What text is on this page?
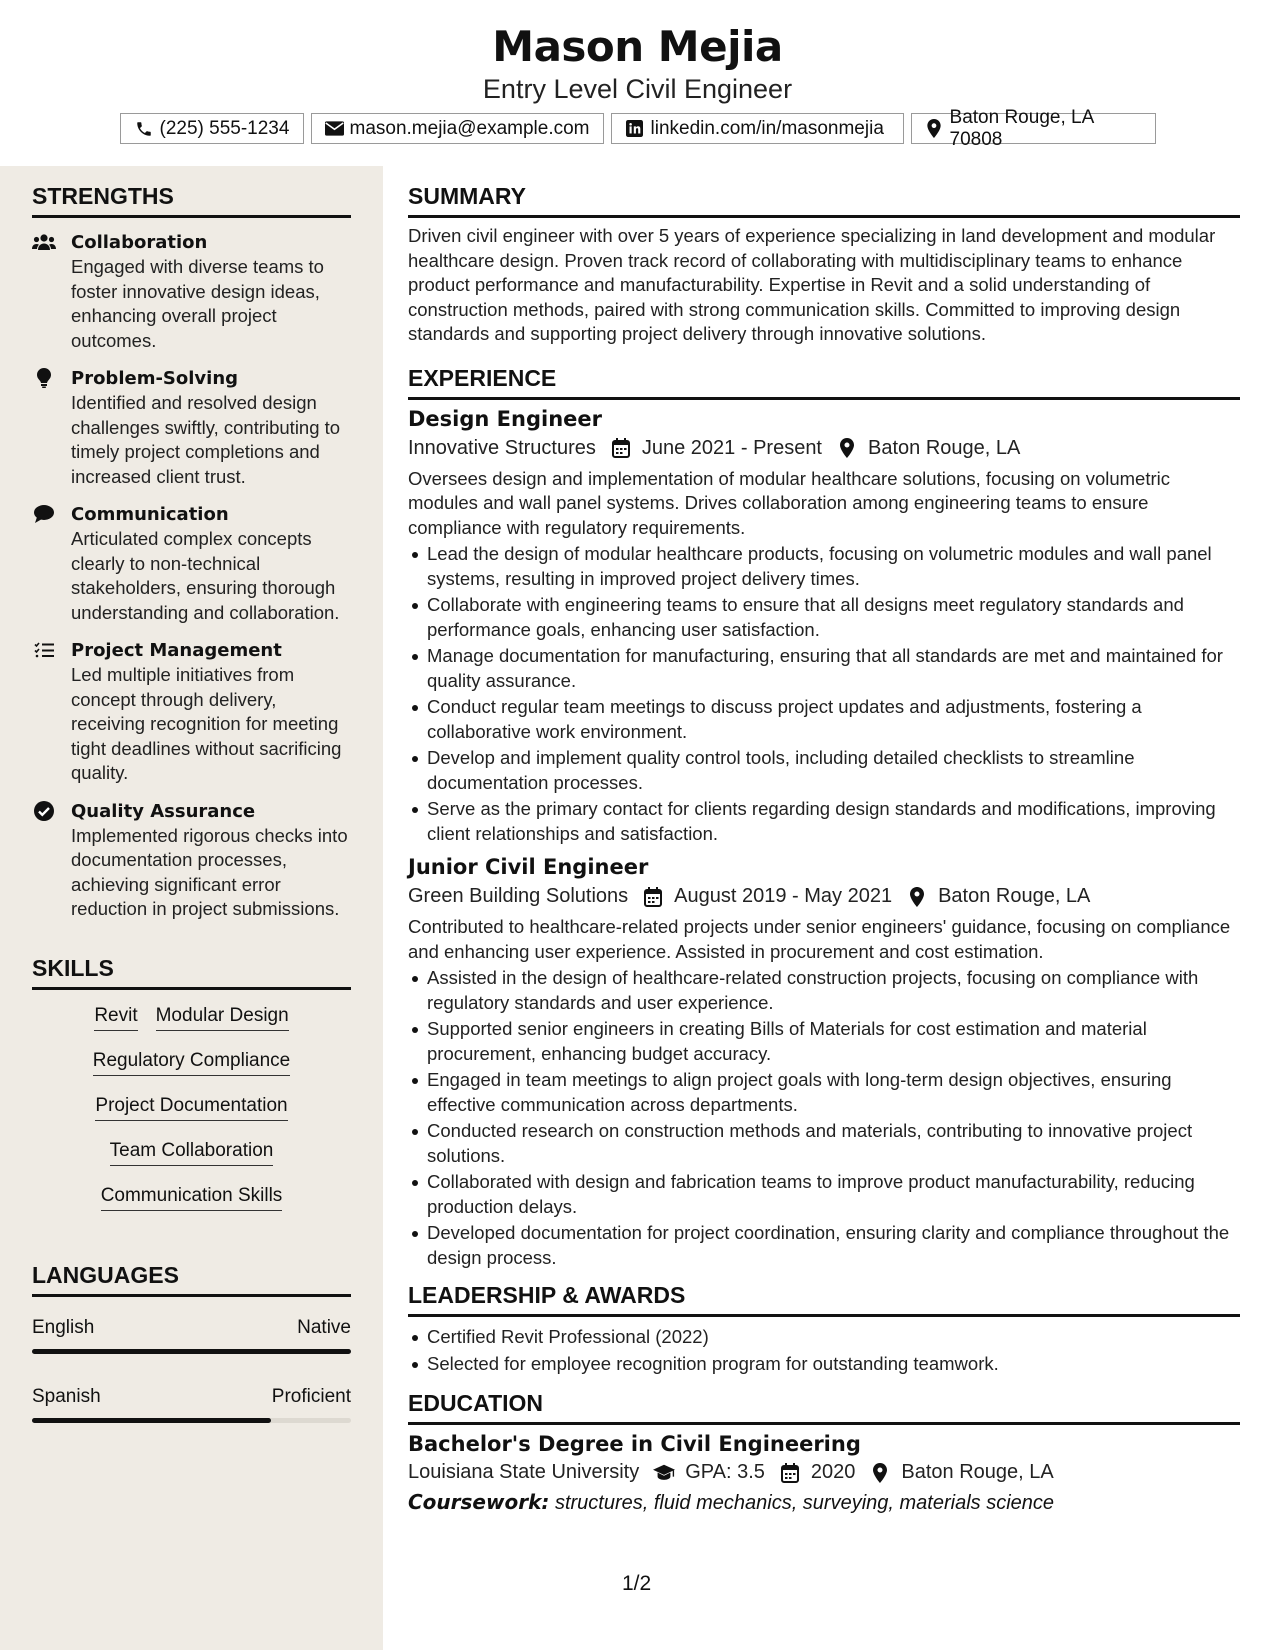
Mason Mejia
Entry Level Civil Engineer
(225) 555-1234	mason.mejia@example.com	linkedin.com/in/masonmejia
Baton Rouge, LA 70808
STRENGTHS
Collaboration
Engaged with diverse teams to foster innovative design ideas, enhancing overall project outcomes.
Problem-Solving
Identified and resolved design challenges swiftly, contributing to timely project completions and increased client trust.
Communication
Articulated complex concepts clearly to non-technical stakeholders, ensuring thorough understanding and collaboration.
Project Management
Led multiple initiatives from concept through delivery, receiving recognition for meeting tight deadlines without sacrificing quality.
Quality Assurance
Implemented rigorous checks into documentation processes, achieving significant error reduction in project submissions.
SKILLS
Revit Modular Design
Regulatory Compliance
Project Documentation
Team Collaboration
Communication Skills
LANGUAGES
English	Native
Spanish	Proficient
SUMMARY
Driven civil engineer with over 5 years of experience specializing in land development and modular healthcare design. Proven track record of collaborating with multidisciplinary teams to enhance product performance and manufacturability. Expertise in Revit and a solid understanding of construction methods, paired with strong communication skills. Committed to improving design standards and supporting project delivery through innovative solutions.
EXPERIENCE
Design Engineer
Innovative Structures June 2021 - Present Baton Rouge, LA
Oversees design and implementation of modular healthcare solutions, focusing on volumetric modules and wall panel systems. Drives collaboration among engineering teams to ensure compliance with regulatory requirements.
Lead the design of modular healthcare products, focusing on volumetric modules and wall panel systems, resulting in improved project delivery times.
Collaborate with engineering teams to ensure that all designs meet regulatory standards and performance goals, enhancing user satisfaction.
Manage documentation for manufacturing, ensuring that all standards are met and maintained for quality assurance.
Conduct regular team meetings to discuss project updates and adjustments, fostering a collaborative work environment.
Develop and implement quality control tools, including detailed checklists to streamline documentation processes.
Serve as the primary contact for clients regarding design standards and modifications, improving client relationships and satisfaction.
Junior Civil Engineer
Green Building Solutions August 2019 - May 2021 Baton Rouge, LA
Contributed to healthcare-related projects under senior engineers' guidance, focusing on compliance and enhancing user experience. Assisted in procurement and cost estimation.
Assisted in the design of healthcare-related construction projects, focusing on compliance with regulatory standards and user experience.
Supported senior engineers in creating Bills of Materials for cost estimation and material procurement, enhancing budget accuracy.
Engaged in team meetings to align project goals with long-term design objectives, ensuring effective communication across departments.
Conducted research on construction methods and materials, contributing to innovative project solutions.
Collaborated with design and fabrication teams to improve product manufacturability, reducing production delays.
Developed documentation for project coordination, ensuring clarity and compliance throughout the design process.
LEADERSHIP & AWARDS
Certified Revit Professional (2022)
Selected for employee recognition program for outstanding teamwork.
EDUCATION
Bachelor's Degree in Civil Engineering
Louisiana State University GPA: 3.5 2020 Baton Rouge, LA
Coursework: structures, fluid mechanics, surveying, materials science
1/2
